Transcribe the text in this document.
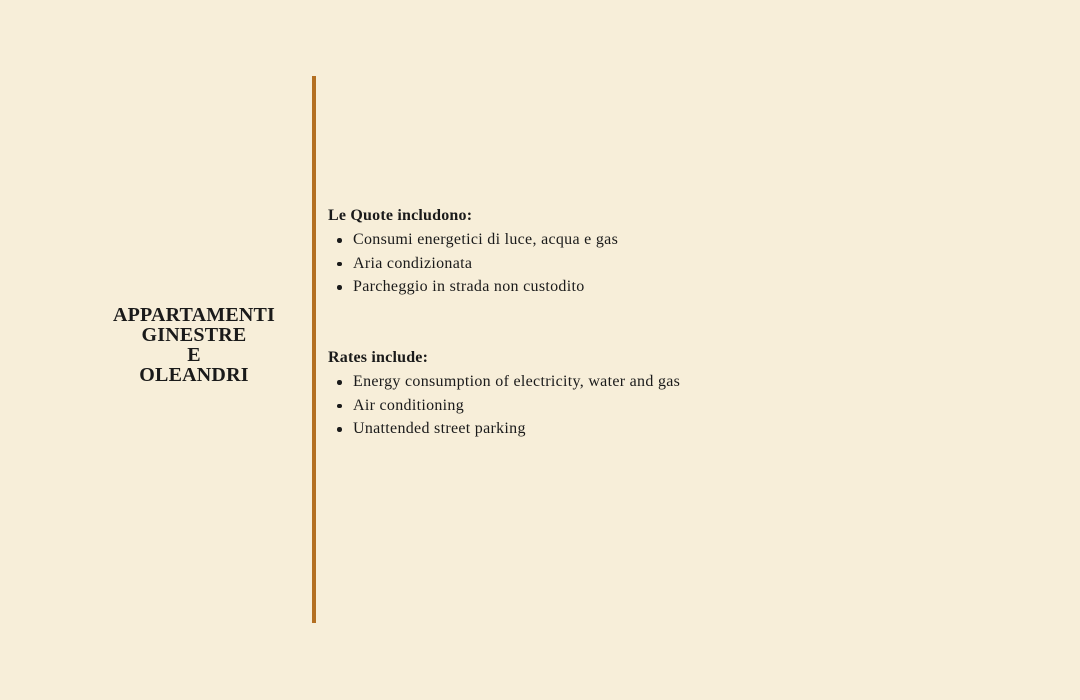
APPARTAMENTI
GINESTRE
E
OLEANDRI

Le Quote includono:

Consumi energetici di luce, acqua e gas
Aria condizionata
Parcheggio in strada non custodito

Rates include:

Energy consumption of electricity, water and gas
Air conditioning
Unattended street parking
